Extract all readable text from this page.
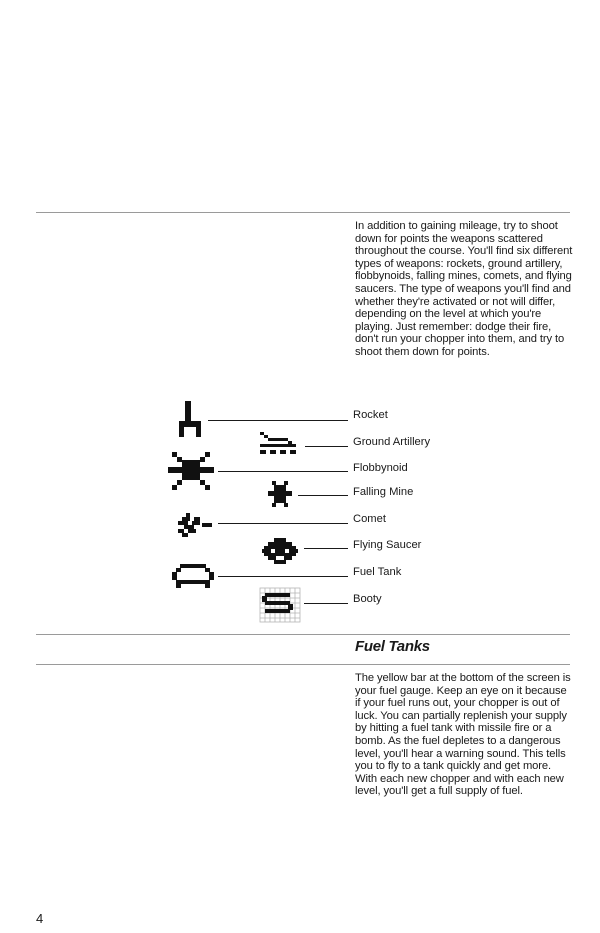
In addition to gaining mileage, try to shoot down for points the weapons scattered throughout the course. You'll find six different types of weapons: rockets, ground artillery, flobbynoids, falling mines, comets, and flying saucers. The type of weapons you'll find and whether they're activated or not will differ, depending on the level at which you're playing. Just remember: dodge their fire, don't run your chopper into them, and try to shoot them down for points.

Rocket
Ground Artillery
Flobbynoid
Falling Mine
Comet
Flying Saucer
Fuel Tank
Booty
Fuel Tanks

The yellow bar at the bottom of the screen is your fuel gauge. Keep an eye on it because if your fuel runs out, your chopper is out of luck. You can partially replenish your supply by hitting a fuel tank with missile fire or a bomb. As the fuel depletes to a dangerous level, you'll hear a warning sound. This tells you to fly to a tank quickly and get more. With each new chopper and with each new level, you'll get a full supply of fuel.

4
